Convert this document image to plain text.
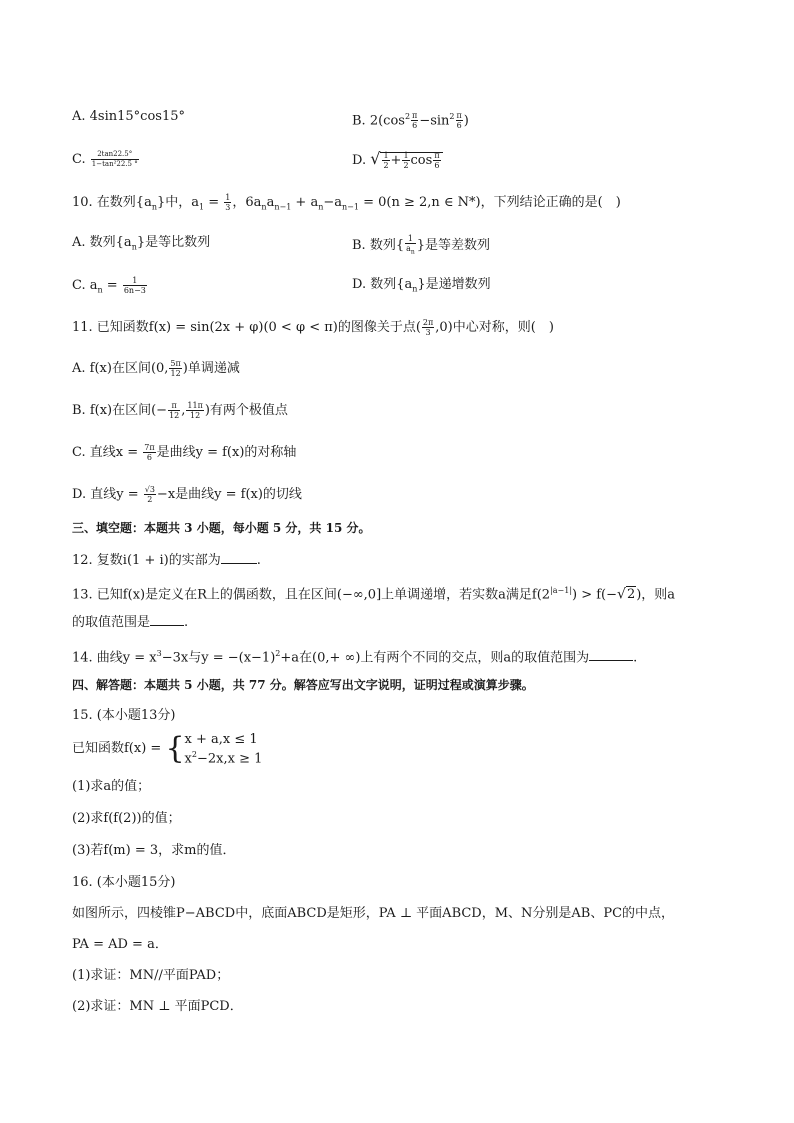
A. 4sin15°cos15°	B. $2(\cos^2 \frac{\pi}{6} -\sin^2 \frac{\pi}{6}$ )
C. $\frac{2\tan 22.5^\circ}{\text{1−tan²22.5 °}}$	D. √ $\frac{1}{2} + \frac{1}{2}$ $\cos \frac{\pi}{6}$
10. 在数列$\{a_n\}$中，$a_1 = \frac{1}{3}$ ，$6a_na_{n-1} + a_n-a_{n-1} = 0(n \ge 2,n$ ∈ N*)，下列结论正确的是(　)
A. 数列$\{a_n\}$是等比数列	B. 数列{ $\frac{1}{a_n}$ }是等差数列
C. $a_n = \frac{1}{6n-3}$	D. 数列$\{a_n\}$是递增数列
11. 已知函数f(x) = sin(2x + φ)(0 < φ < π)的图像关于点( $\frac{2\pi}{3} ,0$)中心对称，则(　)
A. f(x)在区间(0, $\frac{5\pi}{12}$ )单调递减
B. f(x)在区间(− $\frac{\pi}{12}$ , $\frac{11\pi}{12}$ )有两个极值点
C. 直线$x = \frac{7\pi}{6}$ 是曲线y = f(x)的对称轴
D. 直线$y = \frac{√3}{2} -x$是曲线y = f(x)的切线
三、填空题：本题共 3 小题，每小题 5 分，共 15 分。
12. 复数i(1 + i)的实部为	.
13. 已知f(x)是定义在R上的偶函数，且在区间(−∞,0]上单调递增，若实数a满足$f(2^{|a-1|}) > f(-√2)$，则a
的取值范围是	.
14. 曲线$y = x^3-3x$与$y = -(x-1)^2+a$在(0,+ ∞)上有两个不同的交点，则a的取值范围为	.
四、解答题：本题共 5 小题，共 77 分。解答应写出文字说明，证明过程或演算步骤。
15. (本小题13分)
已知函数f(x) = { x + a,x ≤ 1
$x^2-2x,x \ge 1$
(1)求a的值；
(2)求f(f(2))的值；
(3)若f(m) = 3，求m的值．
16. (本小题15分)
如图所示，四棱锥P−ABCD中，底面ABCD是矩形，PA ⊥ 平面ABCD，M、N分别是AB、PC的中点，
PA = AD = a．
(1)求证：MN//平面PAD；
(2)求证：MN ⊥ 平面PCD．
